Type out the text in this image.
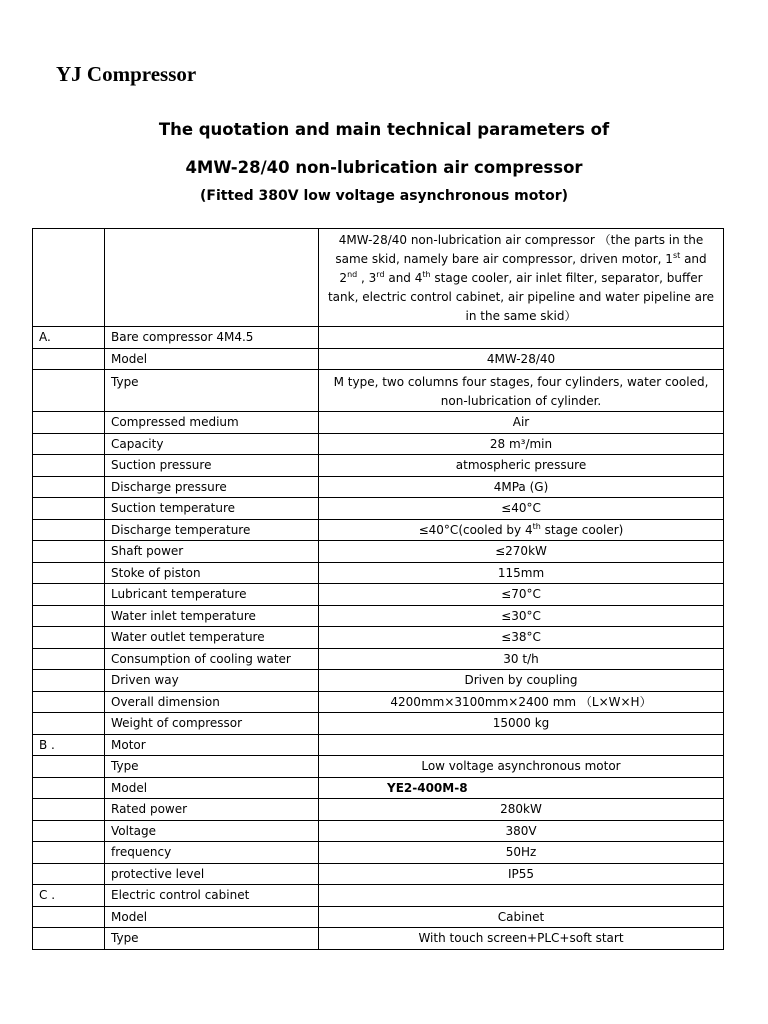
YJ Compressor
The quotation and main technical parameters of
4MW-28/40 non-lubrication air compressor
(Fitted 380V low voltage asynchronous motor)
		4MW-28/40 non-lubrication air compressor （the parts in the same skid, namely bare air compressor, driven motor, 1st and 2nd , 3rd and 4th stage cooler, air inlet filter, separator, buffer tank, electric control cabinet, air pipeline and water pipeline are in the same skid）
A.	Bare compressor 4M4.5	
	Model	4MW-28/40
	Type	M type, two columns four stages, four cylinders, water cooled, non-lubrication of cylinder.
	Compressed medium	Air
	Capacity	28 m³/min
	Suction pressure	atmospheric pressure
	Discharge pressure	4MPa (G)
	Suction temperature	≤40°C
	Discharge temperature	≤40°C(cooled by 4th stage cooler)
	Shaft power	≤270kW
	Stoke of piston	115mm
	Lubricant temperature	≤70°C
	Water inlet temperature	≤30°C
	Water outlet temperature	≤38°C
	Consumption of cooling water	30 t/h
	Driven way	Driven by coupling
	Overall dimension	4200mm×3100mm×2400 mm （L×W×H）
	Weight of compressor	15000 kg
B .	Motor	
	Type	Low voltage asynchronous motor
	Model	YE2-400M-8
	Rated power	280kW
	Voltage	380V
	frequency	50Hz
	protective level	IP55
C .	Electric control cabinet	
	Model	Cabinet
	Type	With touch screen+PLC+soft start
